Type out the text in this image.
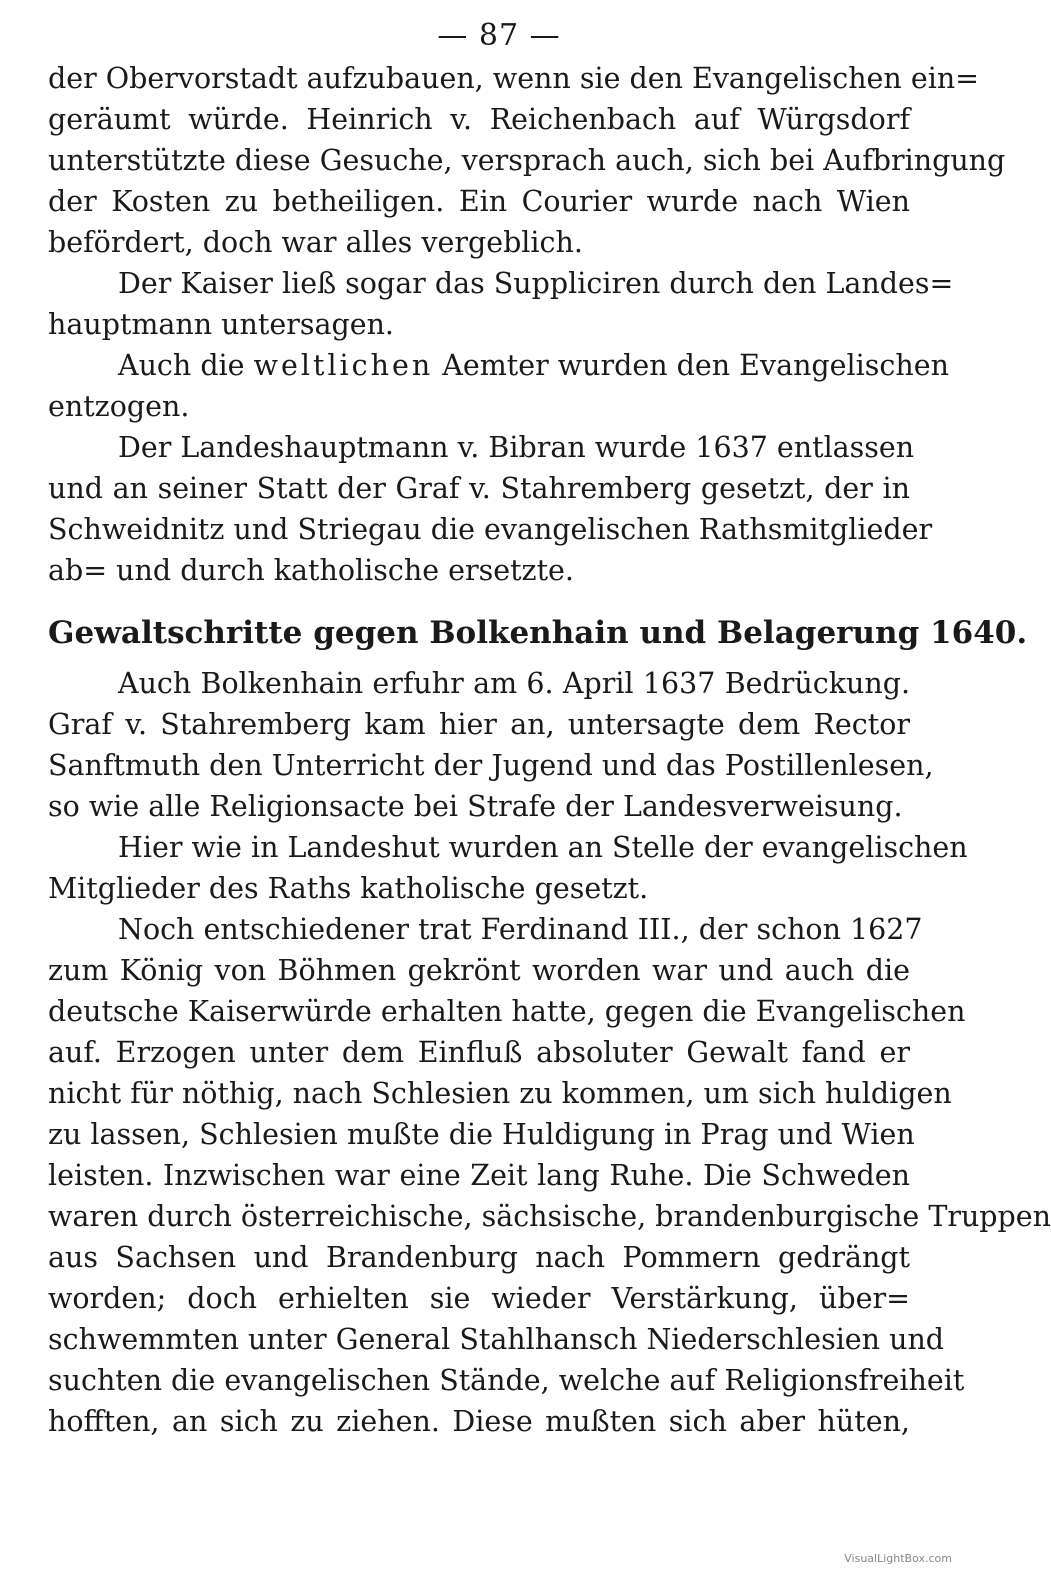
— 87 —
der Obervorstadt aufzubauen, wenn sie den Evangelischen ein=
geräumt würde. Heinrich v. Reichenbach auf Würgsdorf
unterstützte diese Gesuche, versprach auch, sich bei Aufbringung
der Kosten zu betheiligen. Ein Courier wurde nach Wien
befördert, doch war alles vergeblich.
Der Kaiser ließ sogar das Suppliciren durch den Landes=
hauptmann untersagen.
Auch die weltlichen Aemter wurden den Evangelischen
entzogen.
Der Landeshauptmann v. Bibran wurde 1637 entlassen
und an seiner Statt der Graf v. Stahremberg gesetzt, der in
Schweidnitz und Striegau die evangelischen Rathsmitglieder
ab= und durch katholische ersetzte.
Gewaltschritte gegen Bolkenhain und Belagerung 1640.
Auch Bolkenhain erfuhr am 6. April 1637 Bedrückung.
Graf v. Stahremberg kam hier an, untersagte dem Rector
Sanftmuth den Unterricht der Jugend und das Postillenlesen,
so wie alle Religionsacte bei Strafe der Landesverweisung.
Hier wie in Landeshut wurden an Stelle der evangelischen
Mitglieder des Raths katholische gesetzt.
Noch entschiedener trat Ferdinand III., der schon 1627
zum König von Böhmen gekrönt worden war und auch die
deutsche Kaiserwürde erhalten hatte, gegen die Evangelischen
auf. Erzogen unter dem Einfluß absoluter Gewalt fand er
nicht für nöthig, nach Schlesien zu kommen, um sich huldigen
zu lassen, Schlesien mußte die Huldigung in Prag und Wien
leisten. Inzwischen war eine Zeit lang Ruhe. Die Schweden
waren durch österreichische, sächsische, brandenburgische Truppen
aus Sachsen und Brandenburg nach Pommern gedrängt
worden; doch erhielten sie wieder Verstärkung, über=
schwemmten unter General Stahlhansch Niederschlesien und
suchten die evangelischen Stände, welche auf Religionsfreiheit
hofften, an sich zu ziehen. Diese mußten sich aber hüten,
VisualLightBox.com
